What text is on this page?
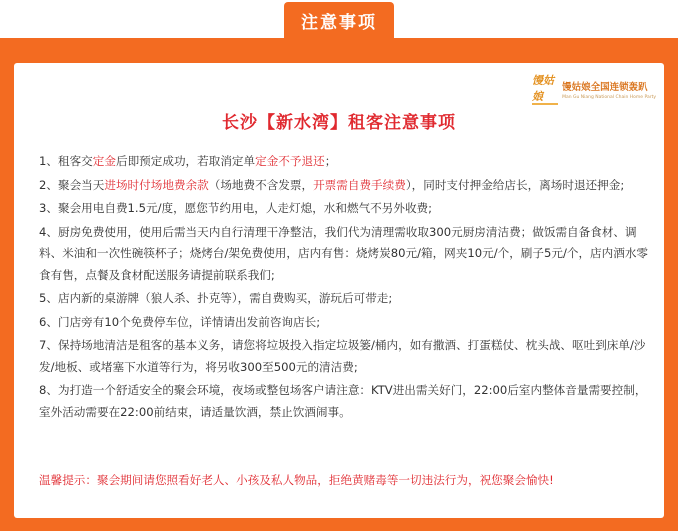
注意事项
馒姑娘
馒姑娘全国连锁轰趴
Man Gu Niang National Chain Home Party
长沙【新水湾】租客注意事项

1、租客交定金后即预定成功，若取消定单定金不予退还；

2、聚会当天进场时付场地费余款（场地费不含发票，开票需自费手续费），同时支付押金给店长，离场时退还押金;

3、聚会用电自费1.5元/度，愿您节约用电，人走灯熄，水和燃气不另外收费;

4、厨房免费使用，使用后需当天内自行清理干净整洁，我们代为清理需收取300元厨房清洁费；做饭需自备食材、调料、米油和一次性碗筷杯子；烧烤台/架免费使用，店内有售：烧烤炭80元/箱，网夹10元/个，刷子5元/个，店内酒水零食有售，点餐及食材配送服务请提前联系我们;

5、店内新的桌游牌（狼人杀、扑克等），需自费购买，游玩后可带走;

6、门店旁有10个免费停车位，详情请出发前咨询店长;

7、保持场地清洁是租客的基本义务，请您将垃圾投入指定垃圾篓/桶内，如有撒酒、打蛋糕仗、枕头战、呕吐到床单/沙发/地板、或堵塞下水道等行为，将另收300至500元的清洁费;

8、为打造一个舒适安全的聚会环境，夜场或整包场客户请注意：KTV进出需关好门，22:00后室内整体音量需要控制，室外活动需要在22:00前结束，请适量饮酒，禁止饮酒闹事。

温馨提示：聚会期间请您照看好老人、小孩及私人物品，拒绝黄赌毒等一切违法行为，祝您聚会愉快!
